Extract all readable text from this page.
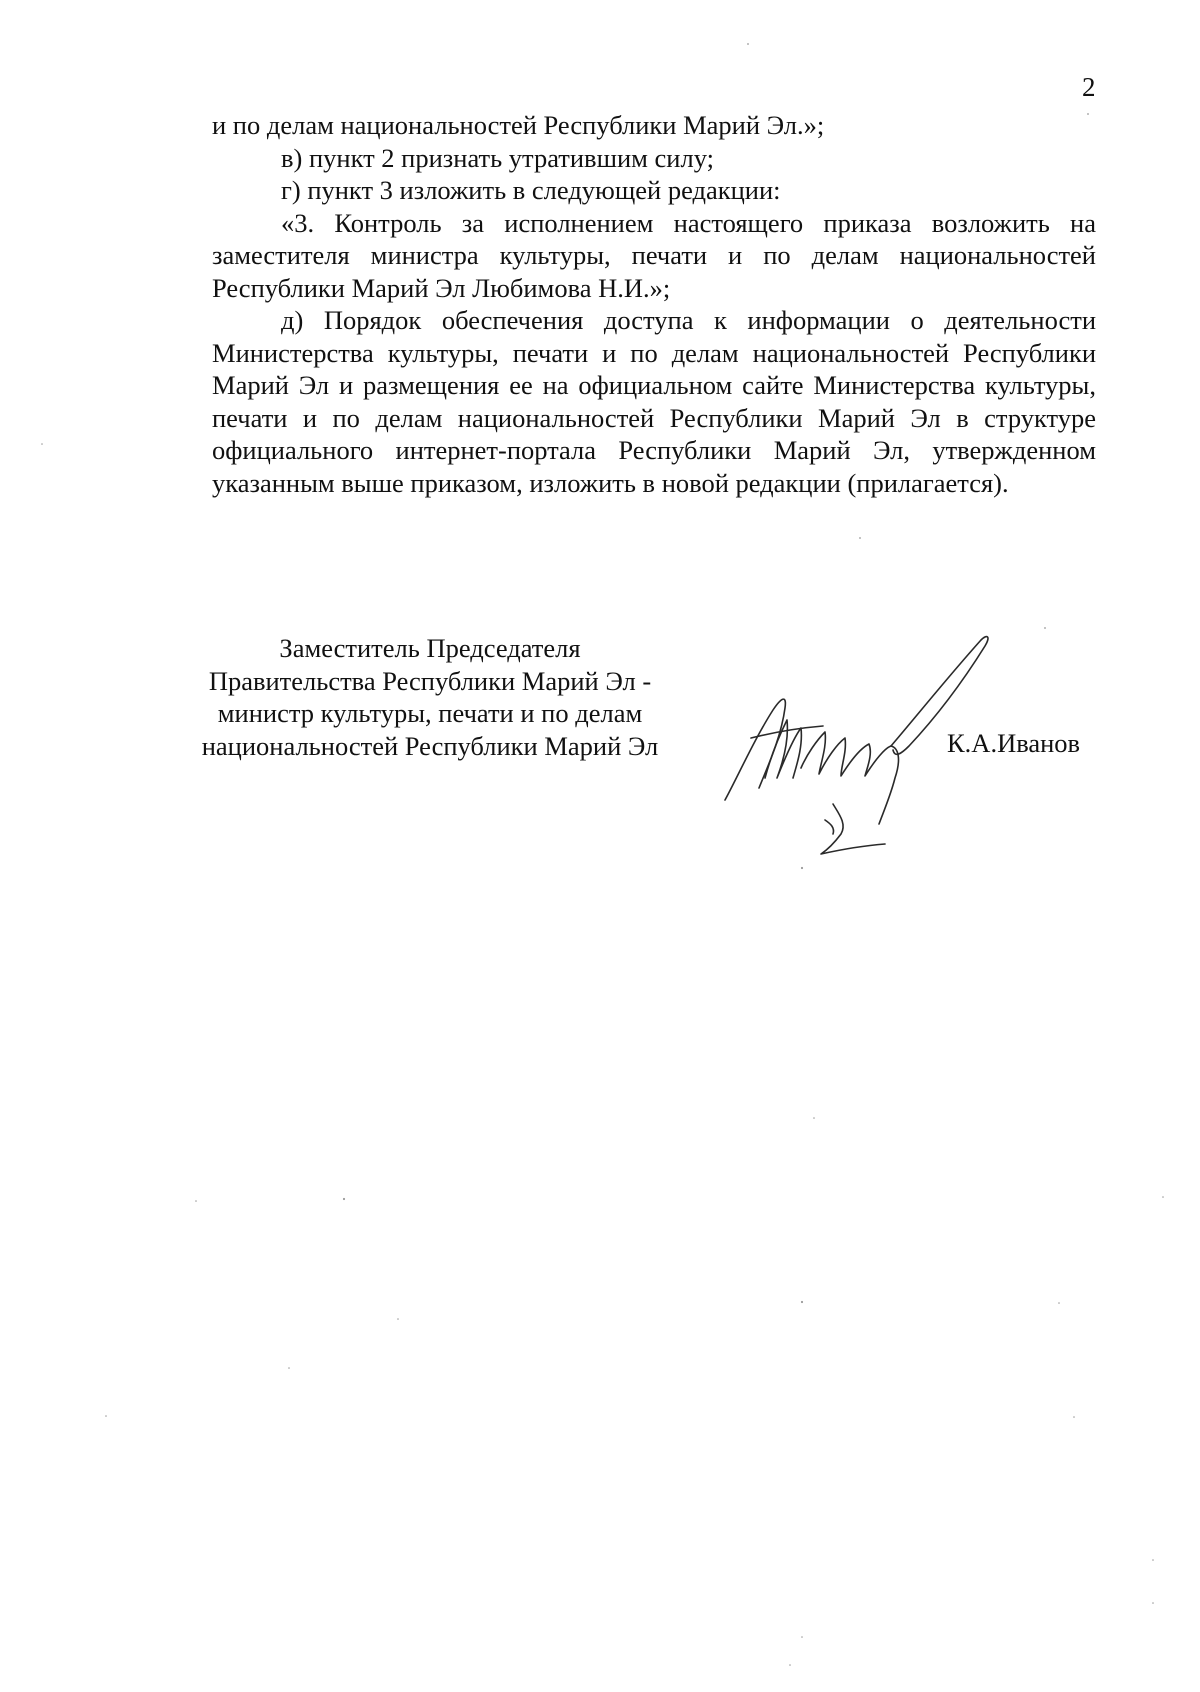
2

и по делам национальностей Республики Марий Эл.»;

в) пункт 2 признать утратившим силу;

г) пункт 3 изложить в следующей редакции:

«3. Контроль за исполнением настоящего приказа возложить на заместителя министра культуры, печати и по делам национальностей Республики Марий Эл Любимова Н.И.»;

д) Порядок обеспечения доступа к информации о деятельности Министерства культуры, печати и по делам национальностей Республики Марий Эл и размещения ее на официальном сайте Министерства культуры, печати и по делам национальностей Республики Марий Эл в структуре официального интернет-портала Республики Марий Эл, утвержденном указанным выше приказом, изложить в новой редакции (прилагается).

Заместитель Председателя
Правительства Республики Марий Эл -
министр культуры, печати и по делам
национальностей Республики Марий Эл	К.А.Иванов
